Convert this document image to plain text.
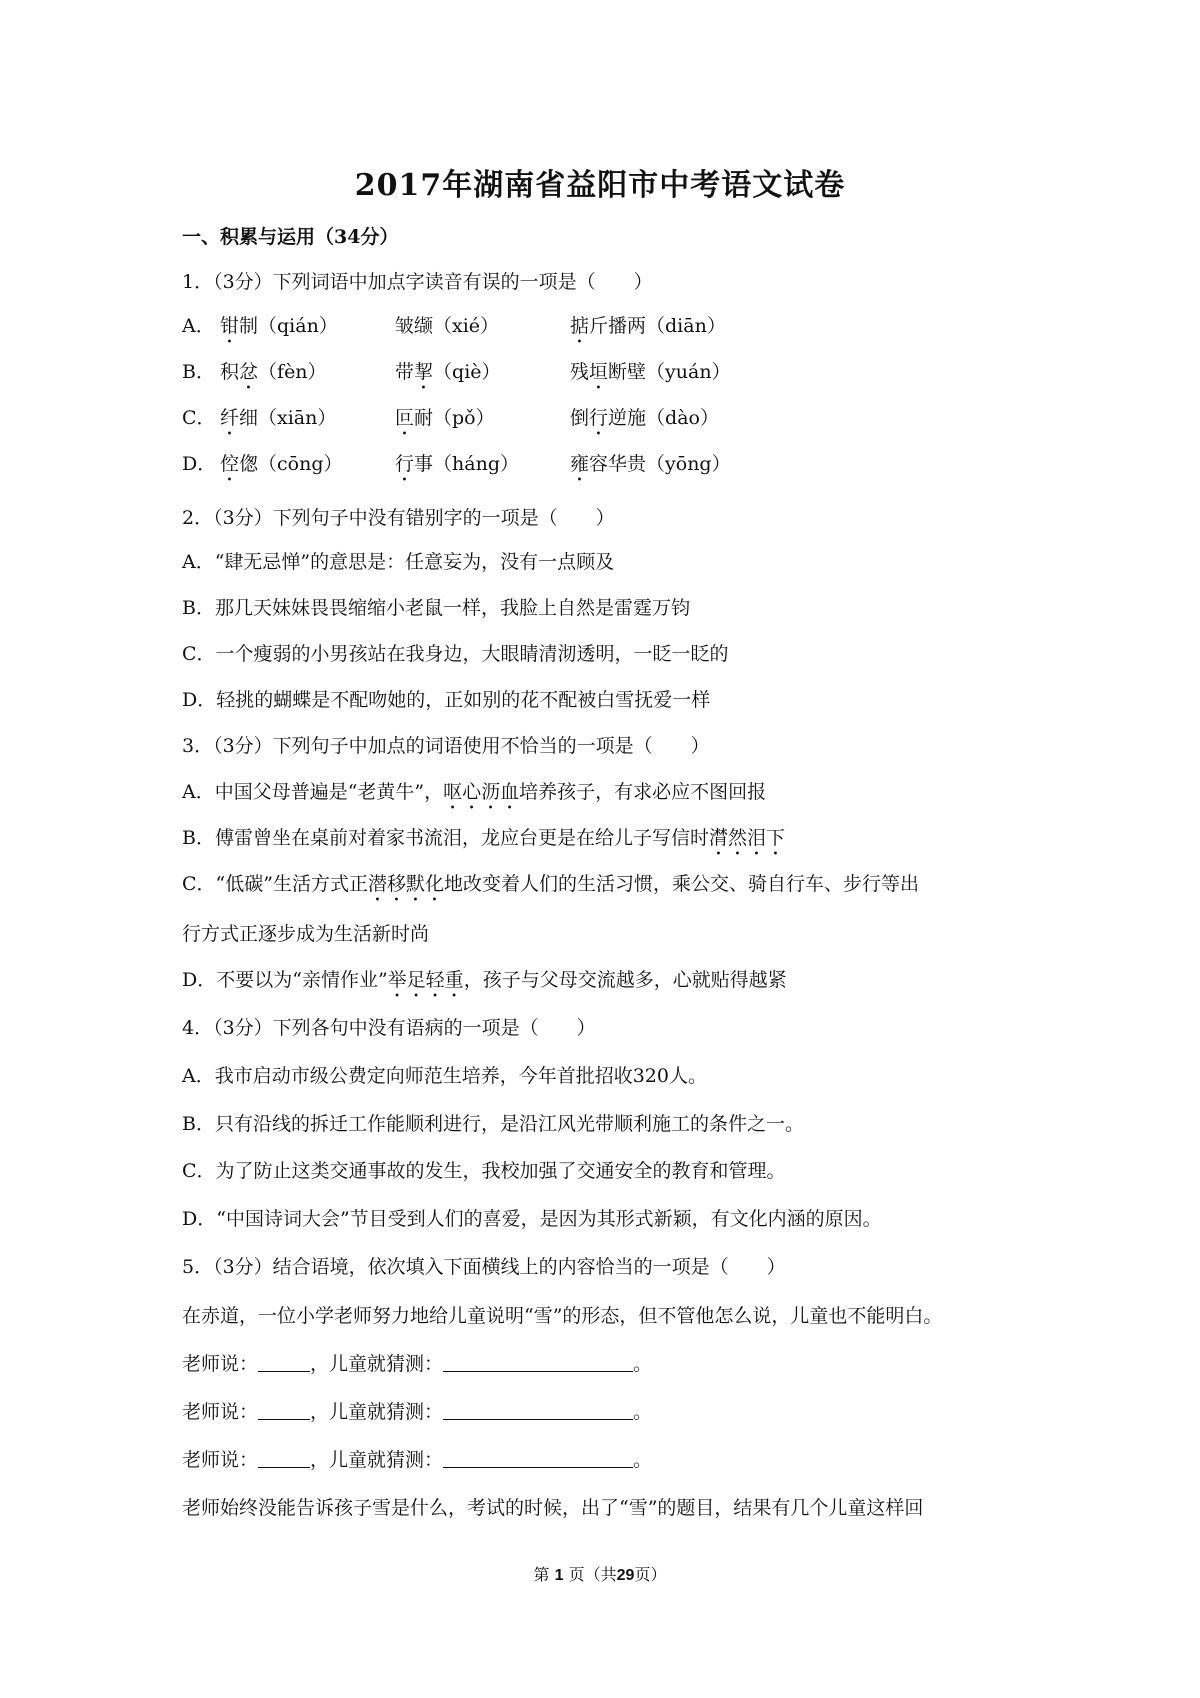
2017年湖南省益阳市中考语文试卷
一、积累与运用（34分）
1．（3分）下列词语中加点字读音有误的一项是（　　）
A． 钳制（qián）	皱缬（xié）	掂斤播两（diān）
B． 积忿（fèn）	带挈（qiè）	残垣断壁（yuán）
C． 纤细（xiān）	叵耐（pǒ）	倒行逆施（dào）
D． 倥偬（cōng）	行事（háng）	雍容华贵（yōng）
2．（3分）下列句子中没有错别字的一项是（　　）
A．“肆无忌惮”的意思是：任意妄为，没有一点顾及
B．那几天妹妹畏畏缩缩小老鼠一样，我脸上自然是雷霆万钧
C．一个瘦弱的小男孩站在我身边，大眼睛清沏透明，一眨一眨的
D．轻挑的蝴蝶是不配吻她的，正如别的花不配被白雪抚爱一样
3．（3分）下列句子中加点的词语使用不恰当的一项是（　　）
A．中国父母普遍是“老黄牛”，呕心沥血培养孩子，有求必应不图回报
B．傅雷曾坐在桌前对着家书流泪，龙应台更是在给儿子写信时潸然泪下
C．“低碳”生活方式正潜移默化地改变着人们的生活习惯，乘公交、骑自行车、步行等出
行方式正逐步成为生活新时尚
D．不要以为“亲情作业”举足轻重，孩子与父母交流越多，心就贴得越紧
4．（3分）下列各句中没有语病的一项是（　　）
A．我市启动市级公费定向师范生培养，今年首批招收320人。
B．只有沿线的拆迁工作能顺利进行，是沿江风光带顺利施工的条件之一。
C．为了防止这类交通事故的发生，我校加强了交通安全的教育和管理。
D．“中国诗词大会”节目受到人们的喜爱，是因为其形式新颖，有文化内涵的原因。
5．（3分）结合语境，依次填入下面横线上的内容恰当的一项是（　　）
在赤道，一位小学老师努力地给儿童说明“雪”的形态，但不管他怎么说，儿童也不能明白。
老师说：	，儿童就猜测：	。
老师说：	，儿童就猜测：	。
老师说：	，儿童就猜测：	。
老师始终没能告诉孩子雪是什么，考试的时候，出了“雪”的题目，结果有几个儿童这样回
第 1 页（共29页）
